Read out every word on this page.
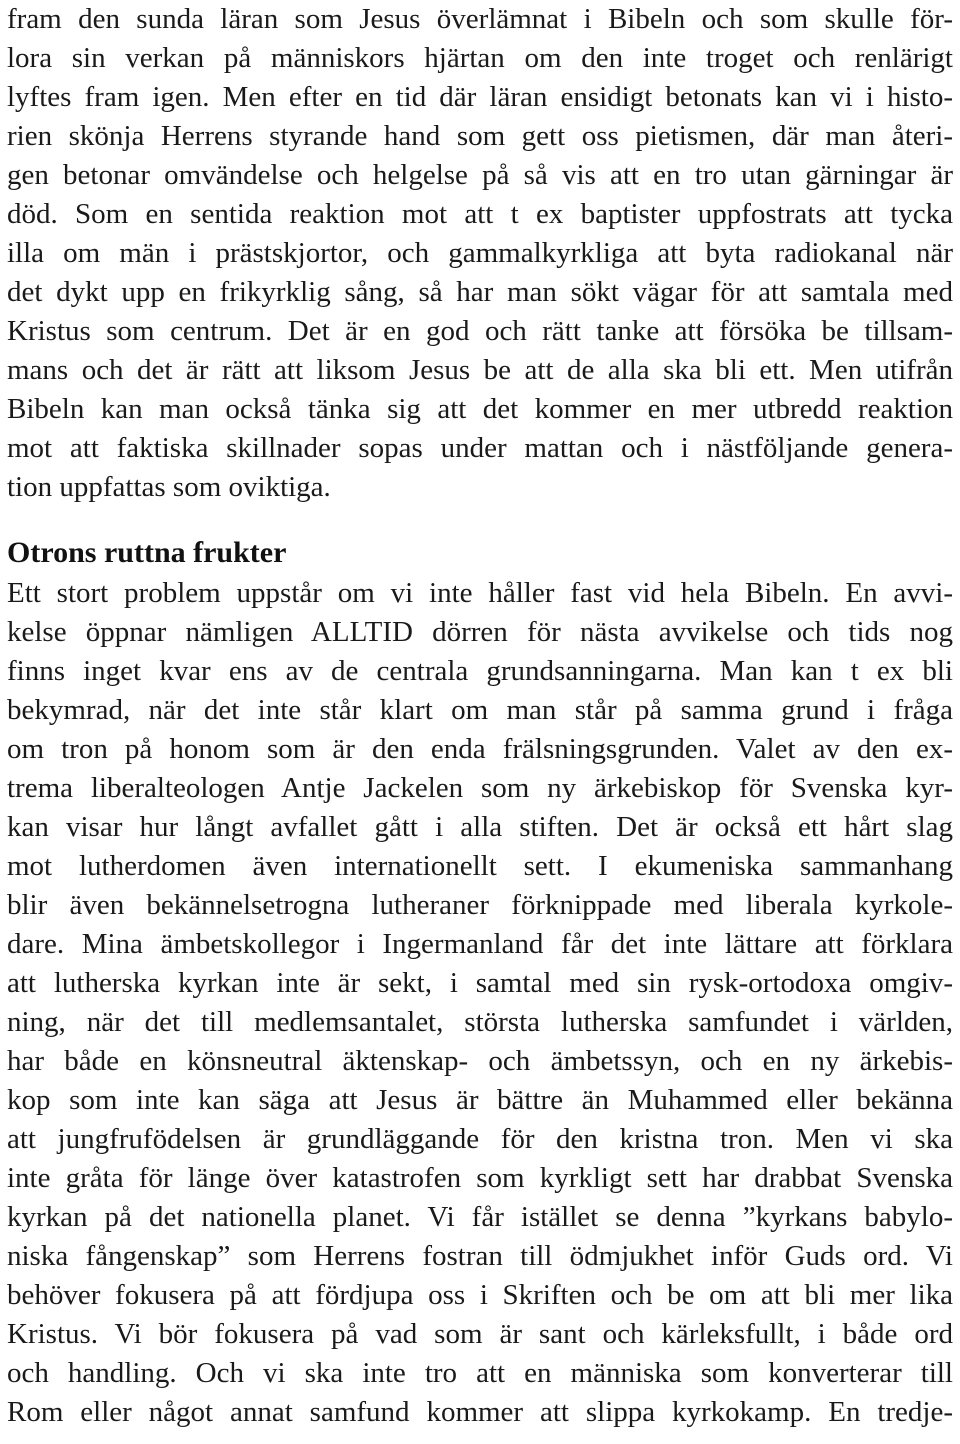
fram den sunda läran som Jesus överlämnat i Bibeln och som skulle för-
lora sin verkan på människors hjärtan om den inte troget och renlärigt
lyftes fram igen. Men efter en tid där läran ensidigt betonats kan vi i histo-
rien skönja Herrens styrande hand som gett oss pietismen, där man återi-
gen betonar omvändelse och helgelse på så vis att en tro utan gärningar är
död. Som en sentida reaktion mot att t ex baptister uppfostrats att tycka
illa om män i prästskjortor, och gammalkyrkliga att byta radiokanal när
det dykt upp en frikyrklig sång, så har man sökt vägar för att samtala med
Kristus som centrum. Det är en god och rätt tanke att försöka be tillsam-
mans och det är rätt att liksom Jesus be att de alla ska bli ett. Men utifrån
Bibeln kan man också tänka sig att det kommer en mer utbredd reaktion
mot att faktiska skillnader sopas under mattan och i nästföljande genera-
tion uppfattas som oviktiga.
Otrons ruttna frukter
Ett stort problem uppstår om vi inte håller fast vid hela Bibeln. En avvi-
kelse öppnar nämligen ALLTID dörren för nästa avvikelse och tids nog
finns inget kvar ens av de centrala grundsanningarna. Man kan t ex bli
bekymrad, när det inte står klart om man står på samma grund i fråga
om tron på honom som är den enda frälsningsgrunden. Valet av den ex-
trema liberalteologen Antje Jackelen som ny ärkebiskop för Svenska kyr-
kan visar hur långt avfallet gått i alla stiften. Det är också ett hårt slag
mot lutherdomen även internationellt sett. I ekumeniska sammanhang
blir även bekännelsetrogna lutheraner förknippade med liberala kyrkole-
dare. Mina ämbetskollegor i Ingermanland får det inte lättare att förklara
att lutherska kyrkan inte är sekt, i samtal med sin rysk-ortodoxa omgiv-
ning, när det till medlemsantalet, största lutherska samfundet i världen,
har både en könsneutral äktenskap- och ämbetssyn, och en ny ärkebis-
kop som inte kan säga att Jesus är bättre än Muhammed eller bekänna
att jungfrufödelsen är grundläggande för den kristna tron. Men vi ska
inte gråta för länge över katastrofen som kyrkligt sett har drabbat Svenska
kyrkan på det nationella planet. Vi får istället se denna ”kyrkans babylo-
niska fångenskap” som Herrens fostran till ödmjukhet inför Guds ord. Vi
behöver fokusera på att fördjupa oss i Skriften och be om att bli mer lika
Kristus. Vi bör fokusera på vad som är sant och kärleksfullt, i både ord
och handling. Och vi ska inte tro att en människa som konverterar till
Rom eller något annat samfund kommer att slippa kyrkokamp. En tredje-
